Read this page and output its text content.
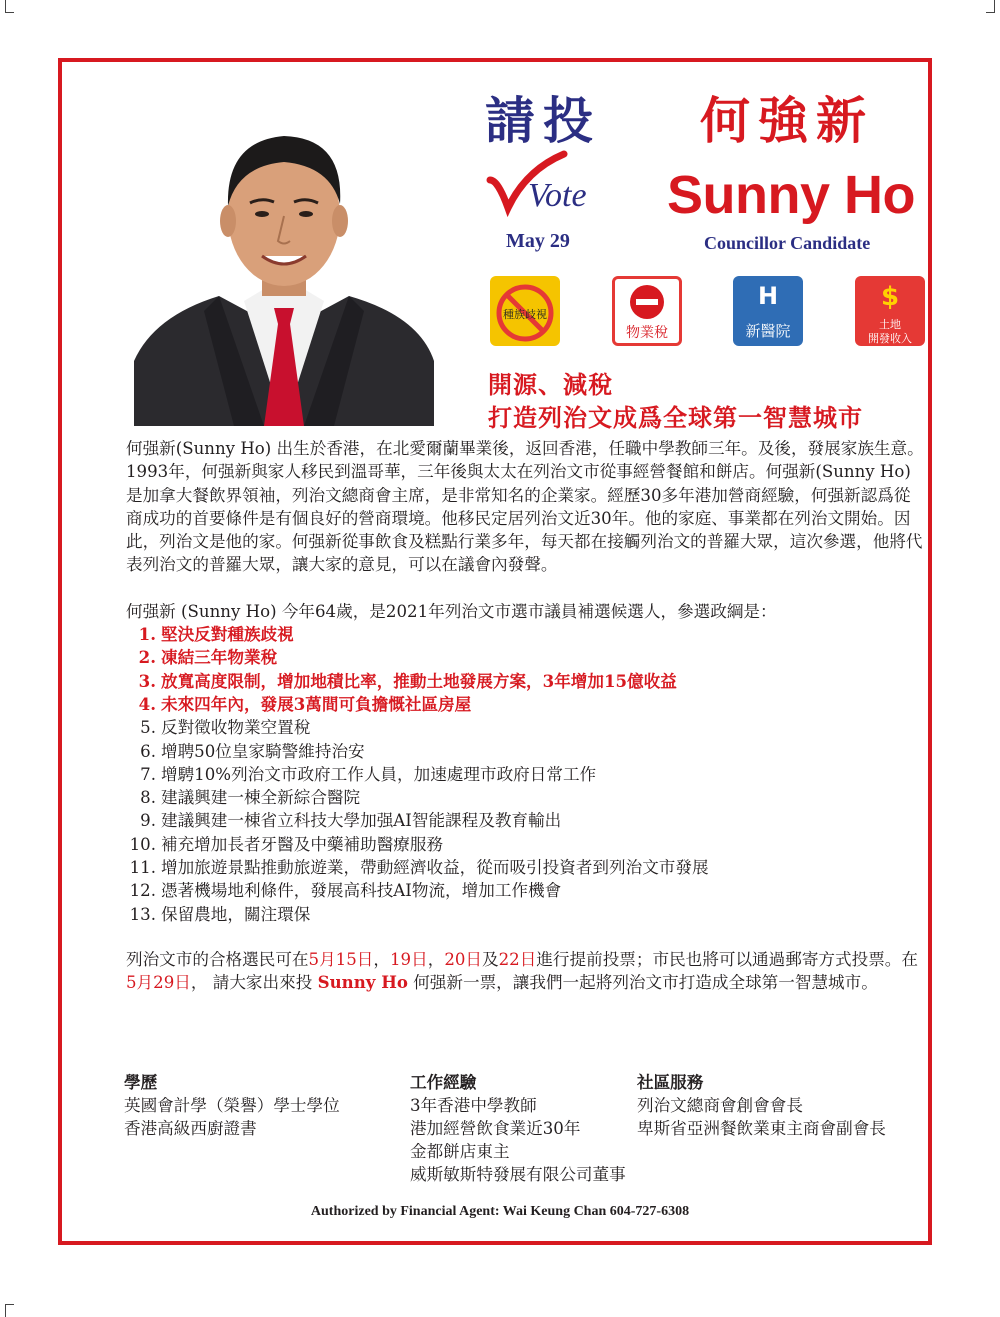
請投 何強新
Vote
May 29
Sunny Ho
Councillor Candidate
種族歧視
物業稅
H
新醫院
$
土地
開發收入
開源、減稅
打造列治文成爲全球第一智慧城市

何强新(Sunny Ho) 出生於香港，在北愛爾蘭畢業後，返回香港，任職中學教師三年。及後，發展家族生意。1993年，何强新與家人移民到溫哥華，三年後與太太在列治文市從事經營餐館和餅店。何强新(Sunny Ho) 是加拿大餐飲界領袖，列治文總商會主席，是非常知名的企業家。經歷30多年港加營商經驗，何强新認爲從商成功的首要條件是有個良好的營商環境。他移民定居列治文近30年。他的家庭、事業都在列治文開始。因此，列治文是他的家。何强新從事飲食及糕點行業多年，每天都在接觸列治文的普羅大眾，這次參選，他將代表列治文的普羅大眾，讓大家的意見，可以在議會內發聲。

何强新 (Sunny Ho) 今年64歲，是2021年列治文市選市議員補選候選人，參選政綱是：

1. 堅決反對種族歧視
2. 凍結三年物業稅
3. 放寬高度限制，增加地積比率，推動土地發展方案，3年增加15億收益
4. 未來四年內，發展3萬間可負擔慨社區房屋
5. 反對徵收物業空置稅
6. 增聘50位皇家騎警維持治安
7. 增騁10%列治文市政府工作人員，加速處理市政府日常工作
8. 建議興建一棟全新綜合醫院
9. 建議興建一棟省立科技大學加强AI智能課程及教育輸出
10. 補充增加長者牙醫及中藥補助醫療服務
11. 增加旅遊景點推動旅遊業，帶動經濟收益，從而吸引投資者到列治文市發展
12. 憑著機場地利條件，發展高科技AI物流，增加工作機會
13. 保留農地，關注環保

列治文市的合格選民可在5月15日，19日，20日及22日進行提前投票；市民也將可以通過郵寄方式投票。在5月29日， 請大家出來投 Sunny Ho 何强新一票，讓我們一起將列治文市打造成全球第一智慧城市。

學歷
英國會計學（榮譽）學士學位
香港高級西廚證書
工作經驗
3年香港中學教師
港加經營飲食業近30年
金都餅店東主
威斯敏斯特發展有限公司董事
社區服務
列治文總商會創會會長
卑斯省亞洲餐飲業東主商會副會長
Authorized by Financial Agent: Wai Keung Chan 604-727-6308
